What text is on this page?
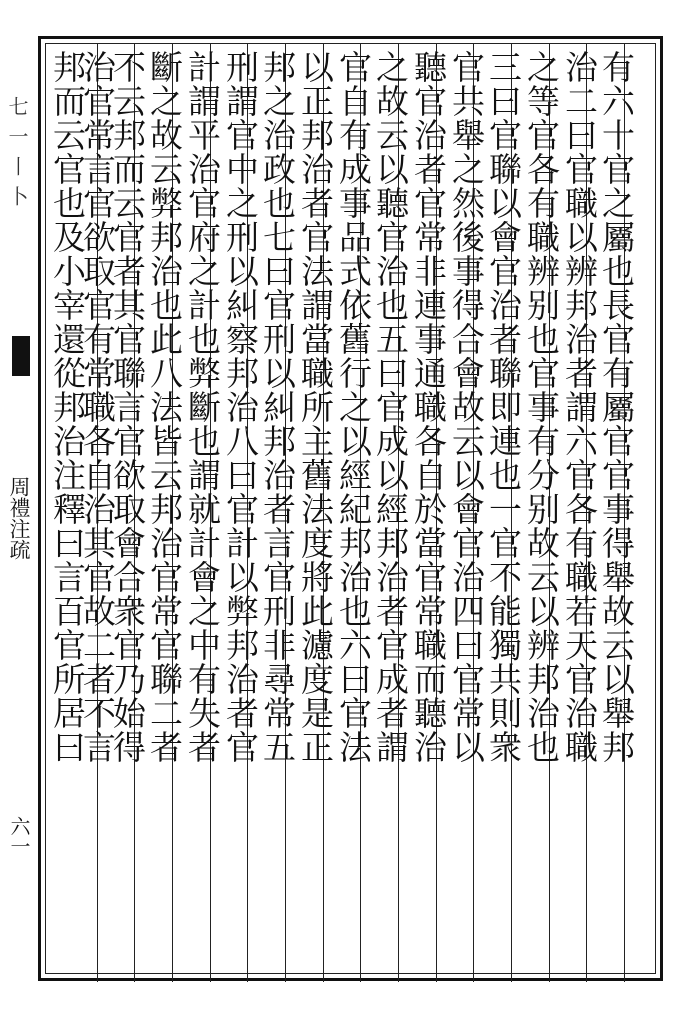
七一丨卜
周禮注疏
六一
有六十官之屬也長官有屬官官事得舉故云以舉邦
治二曰官職以辨邦治者謂六官各有職若天官治職
之等官各有職辨别也官事有分别故云以辨邦治也
三曰官聯以會官治者聯即連也一官不能獨共則衆
官共舉之然後事得合會故云以會官治四曰官常以
聽官治者官常非連事通職各自於當官常職而聽治
之故云以聽官治也五曰官成以經邦治者官成者謂
官自有成事品式依舊行之以經紀邦治也六曰官法
以正邦治者官法謂當職所主舊法度將此濾度是正
邦之治政也七曰官刑以糾邦治者言官刑非尋常五
刑謂官中之刑以糾察邦治八曰官計以弊邦治者官
計謂平治官府之計也弊斷也謂就計會之中有失者
斷之故云弊邦治也此八法皆云邦治官常官聯二者
不云邦而云官者其官聯言官欲取會合衆官乃始得
治官常言官欲取官有常職各自治其官故二者不言
邦而云官也及小宰還從邦治注釋曰言百官所居曰
